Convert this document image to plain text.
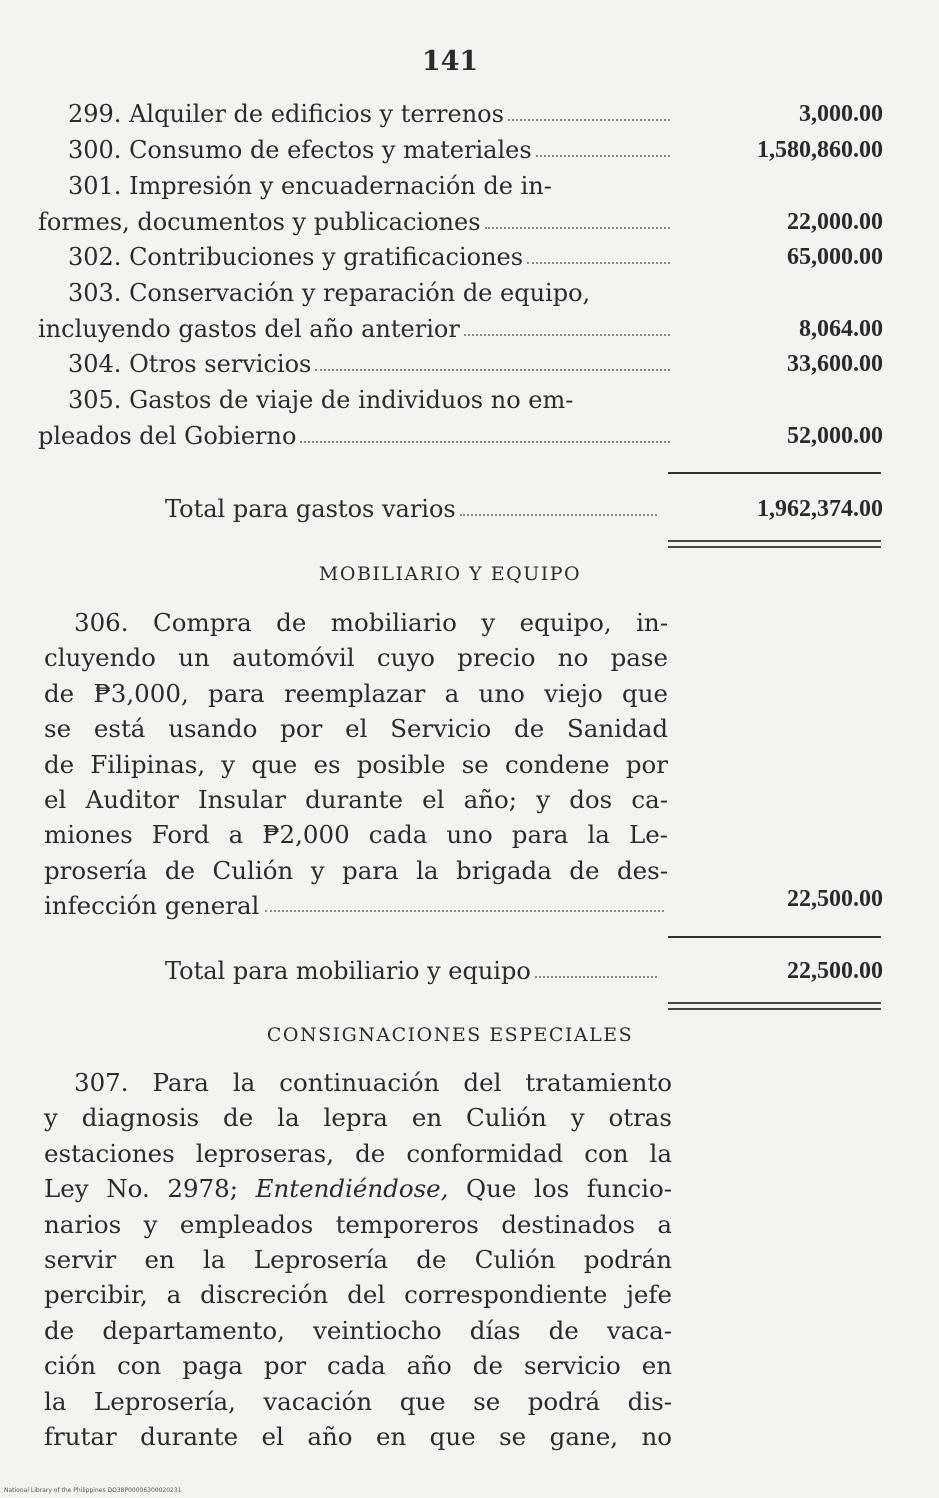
141
299. Alquiler de edificios y terrenos	3,000.00
300. Consumo de efectos y materiales	1,580,860.00
301. Impresión y encuadernación de in-
formes, documentos y publicaciones	22,000.00
302. Contribuciones y gratificaciones	65,000.00
303. Conservación y reparación de equipo,
incluyendo gastos del año anterior	8,064.00
304. Otros servicios	33,600.00
305. Gastos de viaje de individuos no em-
pleados del Gobierno	52,000.00
Total para gastos varios	1,962,374.00
MOBILIARIO Y EQUIPO
306. Compra de mobiliario y equipo, in-
cluyendo un automóvil cuyo precio no pase
de ₱3,000, para reemplazar a uno viejo que
se está usando por el Servicio de Sanidad
de Filipinas, y que es posible se condene por
el Auditor Insular durante el año; y dos ca-
miones Ford a ₱2,000 cada uno para la Le-
prosería de Culión y para la brigada de des-
infección general	22,500.00
Total para mobiliario y equipo	22,500.00
CONSIGNACIONES ESPECIALES
307. Para la continuación del tratamiento
y diagnosis de la lepra en Culión y otras
estaciones leproseras, de conformidad con la
Ley No. 2978; Entendiéndose, Que los funcio-
narios y empleados temporeros destinados a
servir en la Leprosería de Culión podrán
percibir, a discreción del correspondiente jefe
de departamento, veintiocho días de vaca-
ción con paga por cada año de servicio en
la Leprosería, vacación que se podrá dis-
frutar durante el año en que se gane, no
National Library of the Philippines DO38P00006300020231
